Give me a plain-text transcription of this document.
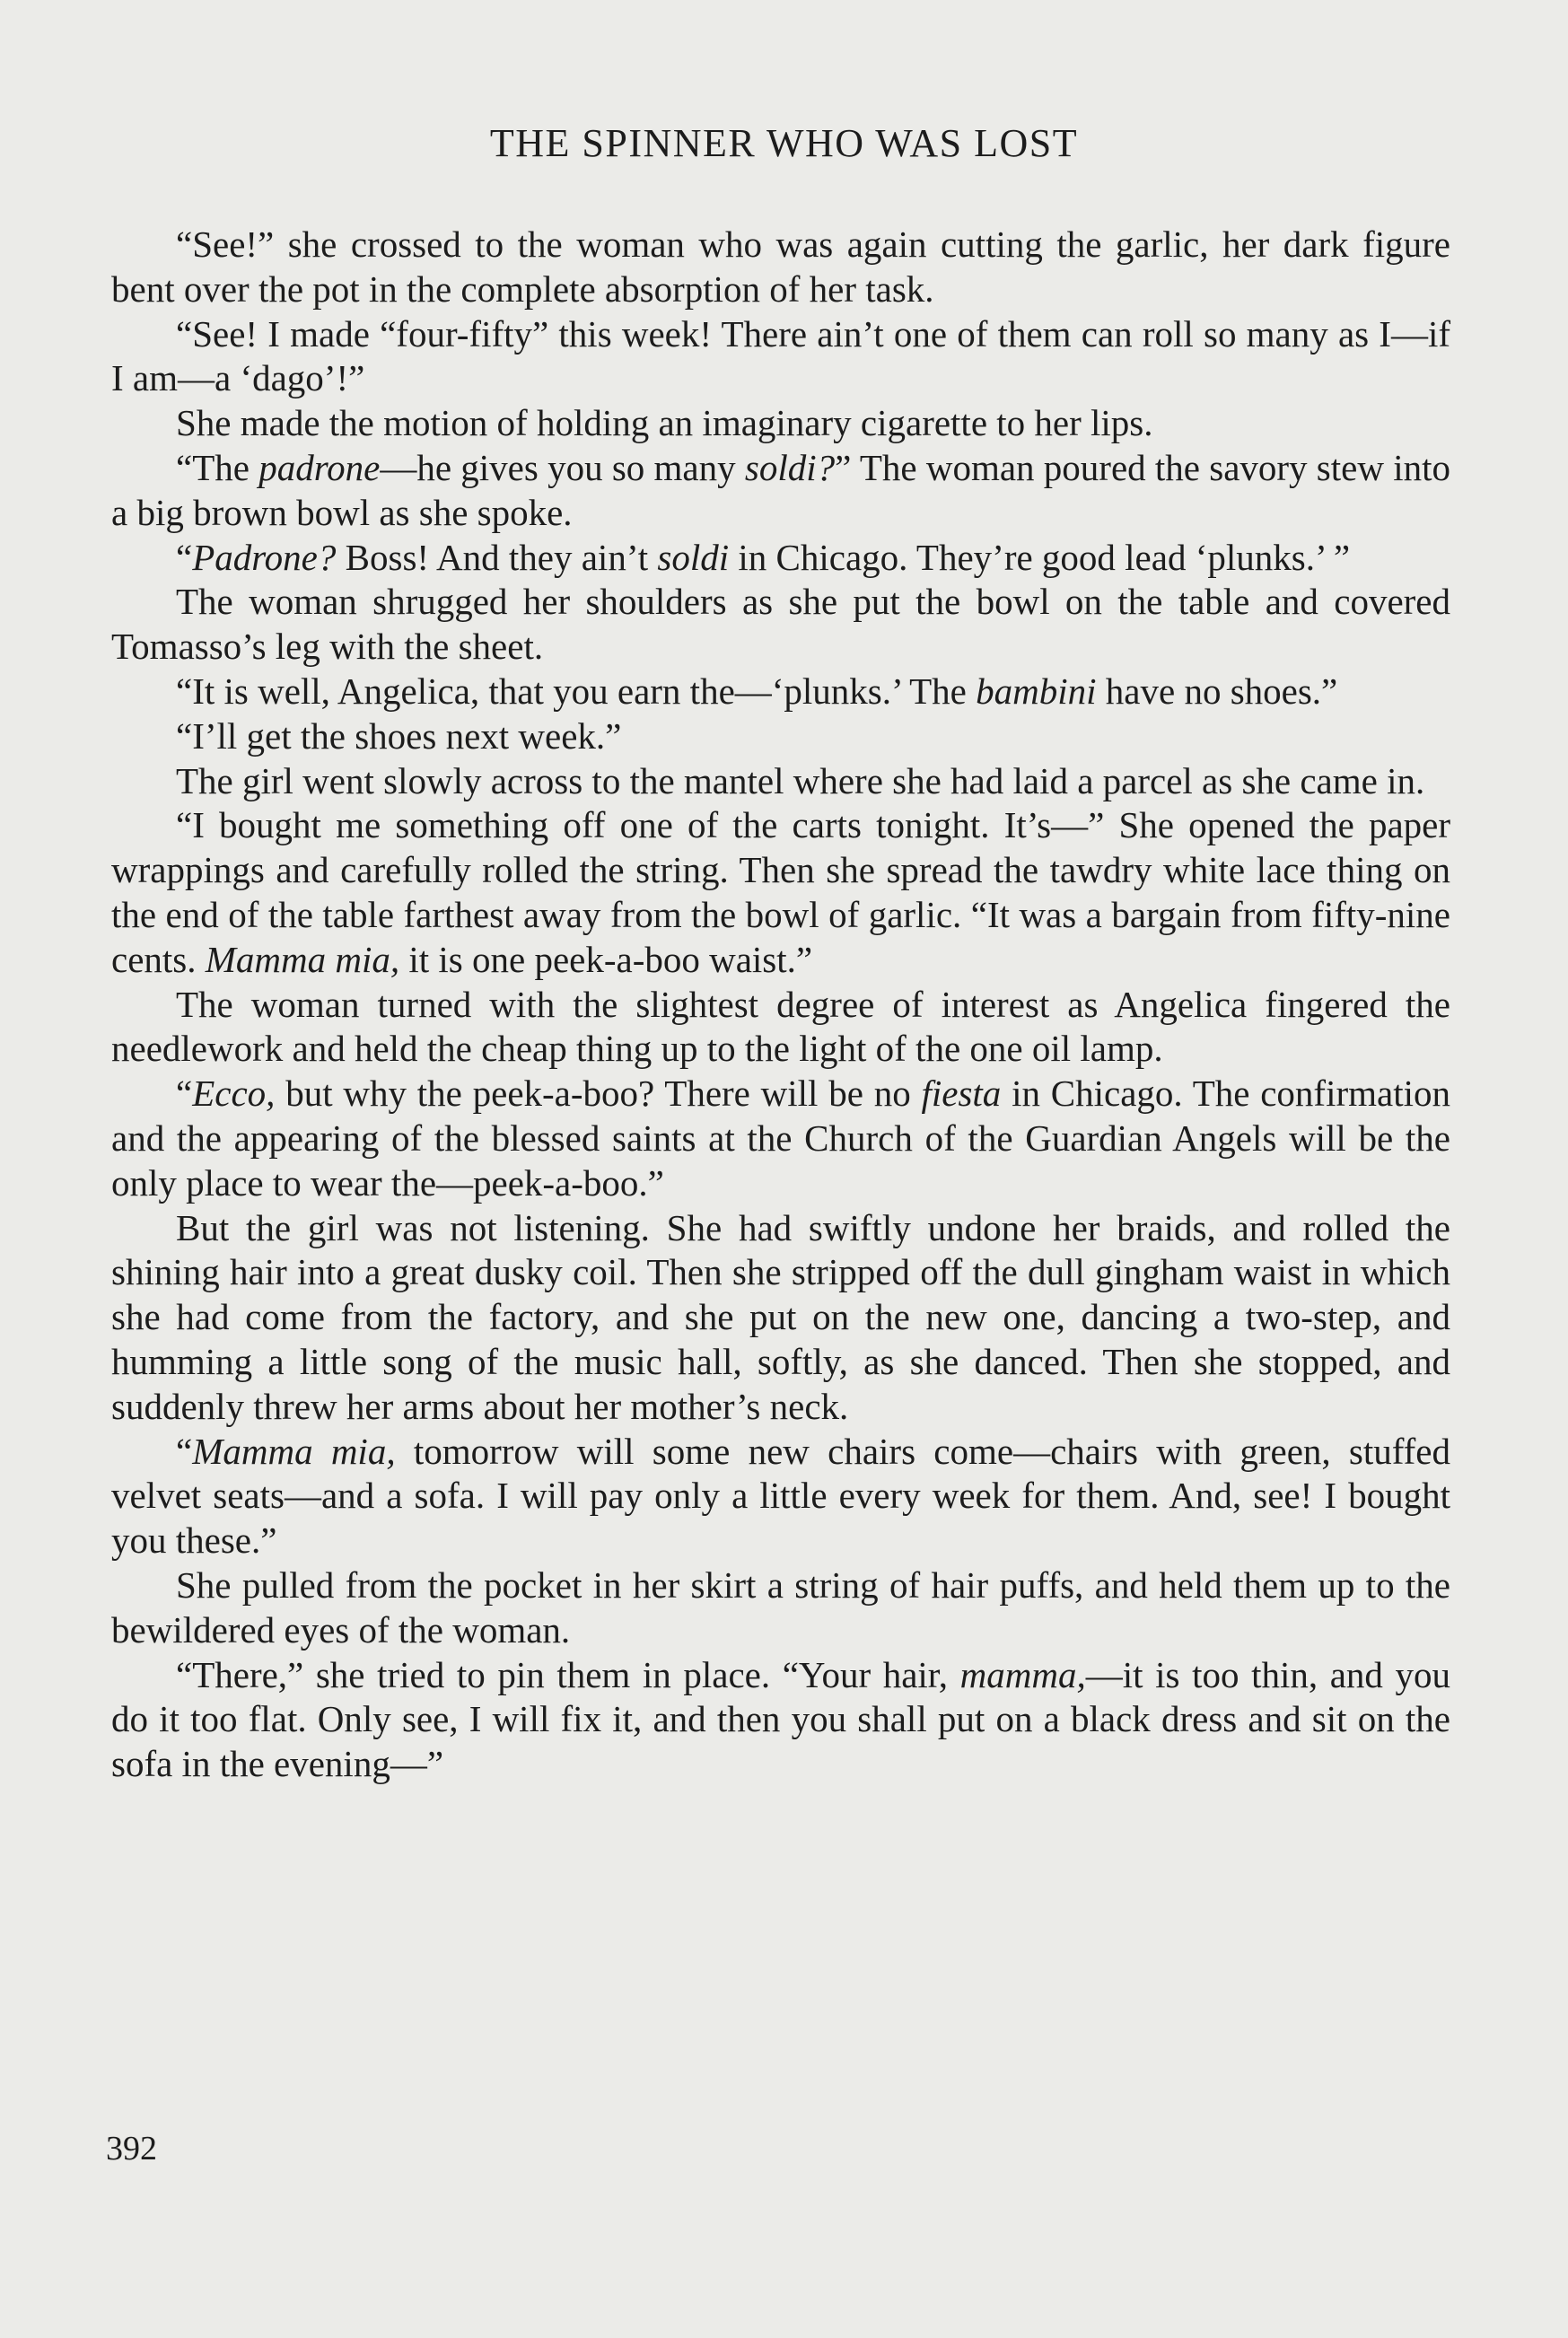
THE SPINNER WHO WAS LOST

“See!” she crossed to the woman who was again cutting the garlic, her dark figure bent over the pot in the complete absorption of her task.

“See! I made “four-fifty” this week! There ain’t one of them can roll so many as I—if I am—a ‘dago’!”

She made the motion of holding an imaginary cigarette to her lips.

“The padrone—he gives you so many soldi?” The woman poured the savory stew into a big brown bowl as she spoke.

“Padrone? Boss! And they ain’t soldi in Chicago. They’re good lead ‘plunks.’ ”

The woman shrugged her shoulders as she put the bowl on the table and covered Tomasso’s leg with the sheet.

“It is well, Angelica, that you earn the—‘plunks.’ The bambini have no shoes.”

“I’ll get the shoes next week.”

The girl went slowly across to the mantel where she had laid a parcel as she came in.

“I bought me something off one of the carts tonight. It’s—” She opened the paper wrappings and carefully rolled the string. Then she spread the tawdry white lace thing on the end of the table farthest away from the bowl of garlic. “It was a bargain from fifty-nine cents. Mamma mia, it is one peek-a-boo waist.”

The woman turned with the slightest degree of interest as Angelica fingered the needlework and held the cheap thing up to the light of the one oil lamp.

“Ecco, but why the peek-a-boo? There will be no fiesta in Chicago. The confirmation and the appearing of the blessed saints at the Church of the Guardian Angels will be the only place to wear the—peek-a-boo.”

But the girl was not listening. She had swiftly undone her braids, and rolled the shining hair into a great dusky coil. Then she stripped off the dull gingham waist in which she had come from the factory, and she put on the new one, dancing a two-step, and humming a little song of the music hall, softly, as she danced. Then she stopped, and suddenly threw her arms about her mother’s neck.

“Mamma mia, tomorrow will some new chairs come—chairs with green, stuffed velvet seats—and a sofa. I will pay only a little every week for them. And, see! I bought you these.”

She pulled from the pocket in her skirt a string of hair puffs, and held them up to the bewildered eyes of the woman.

“There,” she tried to pin them in place. “Your hair, mamma,—it is too thin, and you do it too flat. Only see, I will fix it, and then you shall put on a black dress and sit on the sofa in the evening—”

392
